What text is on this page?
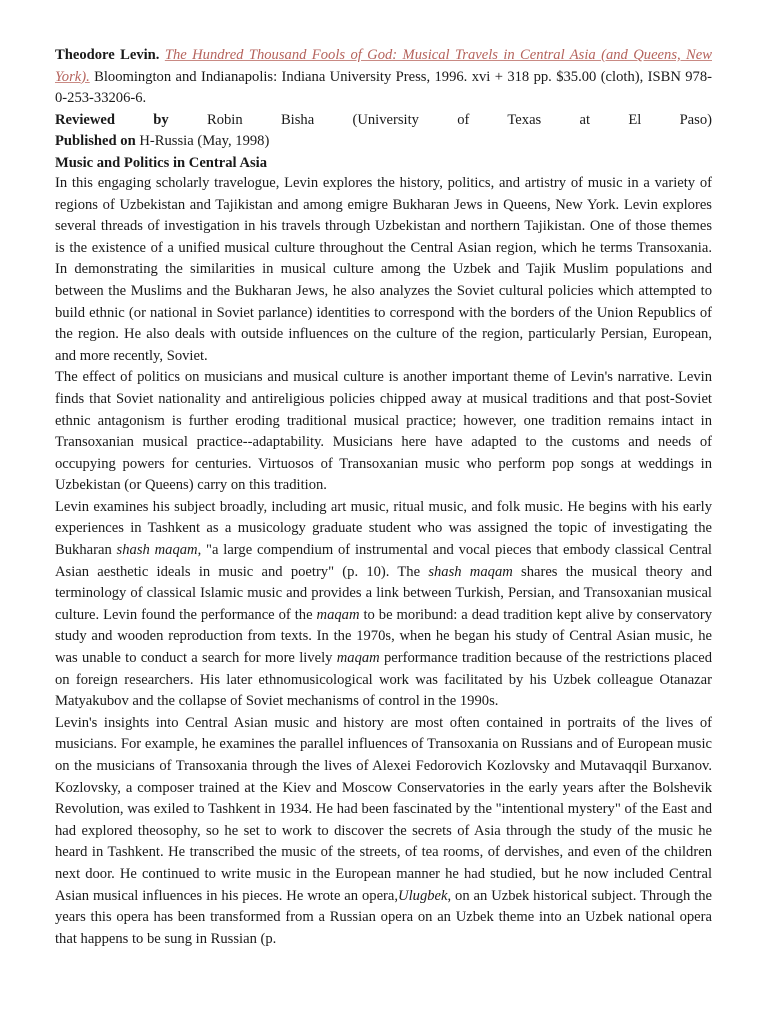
Theodore Levin. The Hundred Thousand Fools of God: Musical Travels in Central Asia (and Queens, New York). Bloomington and Indianapolis: Indiana University Press, 1996. xvi + 318 pp. $35.00 (cloth), ISBN 978-0-253-33206-6.

Reviewed by	Robin Bisha (University of Texas at El Paso)

Published on H-Russia (May, 1998)

Music and Politics in Central Asia

In this engaging scholarly travelogue, Levin explores the history, politics, and artistry of music in a variety of regions of Uzbekistan and Tajikistan and among emigre Bukharan Jews in Queens, New York. Levin explores several threads of investigation in his travels through Uzbekistan and northern Tajikistan. One of those themes is the existence of a unified musical culture throughout the Central Asian region, which he terms Transoxania. In demonstrating the similarities in musical culture among the Uzbek and Tajik Muslim populations and between the Muslims and the Bukharan Jews, he also analyzes the Soviet cultural policies which attempted to build ethnic (or national in Soviet parlance) identities to correspond with the borders of the Union Republics of the region. He also deals with outside influences on the culture of the region, particularly Persian, European, and more recently, Soviet.

The effect of politics on musicians and musical culture is another important theme of Levin's narrative. Levin finds that Soviet nationality and antireligious policies chipped away at musical traditions and that post-Soviet ethnic antagonism is further eroding traditional musical practice; however, one tradition remains intact in Transoxanian musical practice--adaptability. Musicians here have adapted to the customs and needs of occupying powers for centuries. Virtuosos of Transoxanian music who perform pop songs at weddings in Uzbekistan (or Queens) carry on this tradition.

Levin examines his subject broadly, including art music, ritual music, and folk music. He begins with his early experiences in Tashkent as a musicology graduate student who was assigned the topic of investigating the Bukharan shash maqam, "a large compendium of instrumental and vocal pieces that embody classical Central Asian aesthetic ideals in music and poetry" (p. 10). The shash maqam shares the musical theory and terminology of classical Islamic music and provides a link between Turkish, Persian, and Transoxanian musical culture. Levin found the performance of the maqam to be moribund: a dead tradition kept alive by conservatory study and wooden reproduction from texts. In the 1970s, when he began his study of Central Asian music, he was unable to conduct a search for more lively maqam performance tradition because of the restrictions placed on foreign researchers. His later ethnomusicological work was facilitated by his Uzbek colleague Otanazar Matyakubov and the collapse of Soviet mechanisms of control in the 1990s.

Levin's insights into Central Asian music and history are most often contained in portraits of the lives of musicians. For example, he examines the parallel influences of Transoxania on Russians and of European music on the musicians of Transoxania through the lives of Alexei Fedorovich Kozlovsky and Mutavaqqil Burxanov. Kozlovsky, a composer trained at the Kiev and Moscow Conservatories in the early years after the Bolshevik Revolution, was exiled to Tashkent in 1934. He had been fascinated by the "intentional mystery" of the East and had explored theosophy, so he set to work to discover the secrets of Asia through the study of the music he heard in Tashkent. He transcribed the music of the streets, of tea rooms, of dervishes, and even of the children next door. He continued to write music in the European manner he had studied, but he now included Central Asian musical influences in his pieces. He wrote an opera,Ulugbek, on an Uzbek historical subject. Through the years this opera has been transformed from a Russian opera on an Uzbek theme into an Uzbek national opera that happens to be sung in Russian (p.
